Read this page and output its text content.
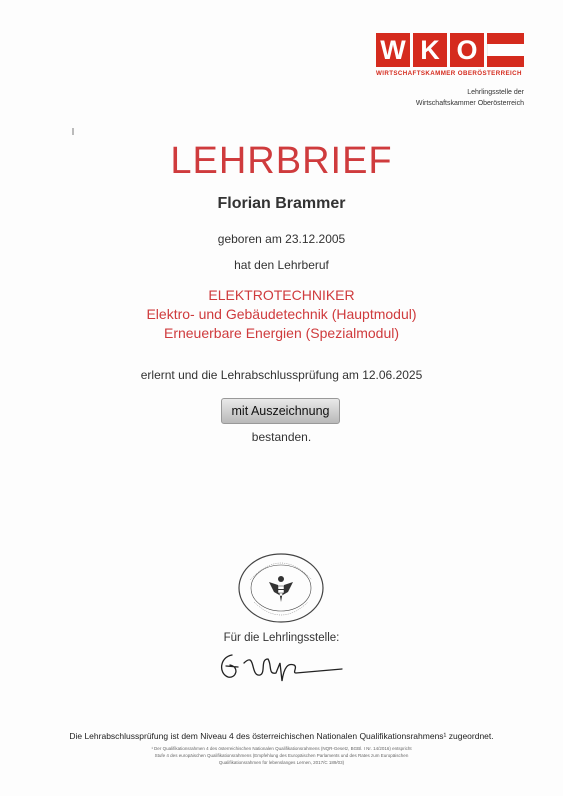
W K O
WIRTSCHAFTSKAMMER OBERÖSTERREICH
Lehrlingsstelle der
Wirtschaftskammer Oberösterreich
LEHRBRIEF
Florian Brammer
geboren am 23.12.2005
hat den Lehrberuf
ELEKTROTECHNIKER
Elektro- und Gebäudetechnik (Hauptmodul)
Erneuerbare Energien (Spezialmodul)
erlernt und die Lehrabschlussprüfung am 12.06.2025
mit Auszeichnung
bestanden.
Für die Lehrlingsstelle:
Die Lehrabschlussprüfung ist dem Niveau 4 des österreichischen Nationalen Qualifikationsrahmens¹ zugeordnet.
¹ Der Qualifikationsrahmen 4 des österreichischen Nationalen Qualifikationsrahmens (NQR-Gesetz, BGBl. I Nr. 14/2016) entspricht
Stufe 4 des europäischen Qualifikationsrahmens (Empfehlung des Europäischen Parlaments und des Rates zum Europäischen
Qualifikationsrahmen für lebenslanges Lernen, 2017/C 189/03)
